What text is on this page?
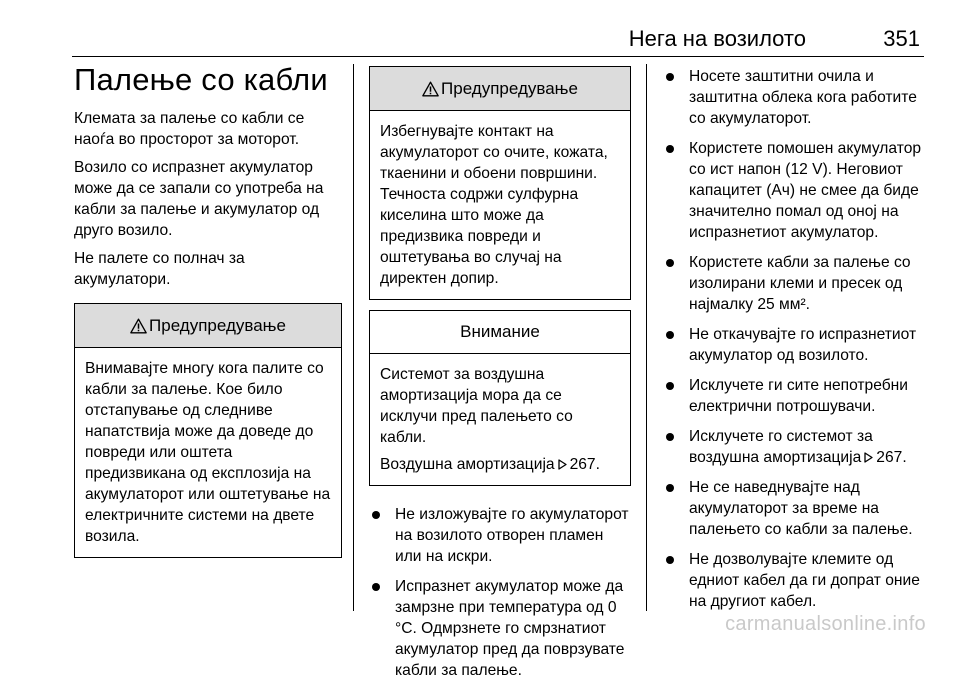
Нега на возилото	351
Палење со кабли

Клемата за палење со кабли се наоѓа во просторот за моторот.

Возило со испразнет акумулатор може да се запали со употреба на кабли за палење и акумулатор од друго возило.

Не палете со полнач за акумулатори.

Предупредување

Внимавајте многу кога палите со кабли за палење. Кое било отстапување од следниве напатствија може да доведе до повреди или оштета предизвикана од експлозија на акумулаторот или оштетување на електричните системи на двете возила.

Предупредување

Избегнувајте контакт на акумулаторот со очите, кожата, ткаенини и обоени површини. Течноста содржи сулфурна киселина што може да предизвика повреди и оштетувања во случај на директен допир.

Внимание

Системот за воздушна амортизација мора да се исклучи пред палењето со кабли.

Воздушна амортизација 267.

Не изложувајте го акумулаторот на возилото отворен пламен или на искри.
Испразнет акумулатор може да замрзне при температура од 0 °C. Одмрзнете го смрзнатиот акумулатор пред да поврзувате кабли за палење.
Носете заштитни очила и заштитна облека кога работите со акумулаторот.
Користете помошен акумулатор со ист напон (12 V). Неговиот капацитет (Ач) не смее да биде значително помал од оној на испразнетиот акумулатор.
Користете кабли за палење со изолирани клеми и пресек од најмалку 25 мм².
Не откачувајте го испразнетиот акумулатор од возилото.
Исклучете ги сите непотребни електрични потрошувачи.
Исклучете го системот за воздушна амортизација 267.
Не се наведнувајте над акумулаторот за време на палењето со кабли за палење.
Не дозволувајте клемите од едниот кабел да ги допрат оние на другиот кабел.
carmanualsonline.info
